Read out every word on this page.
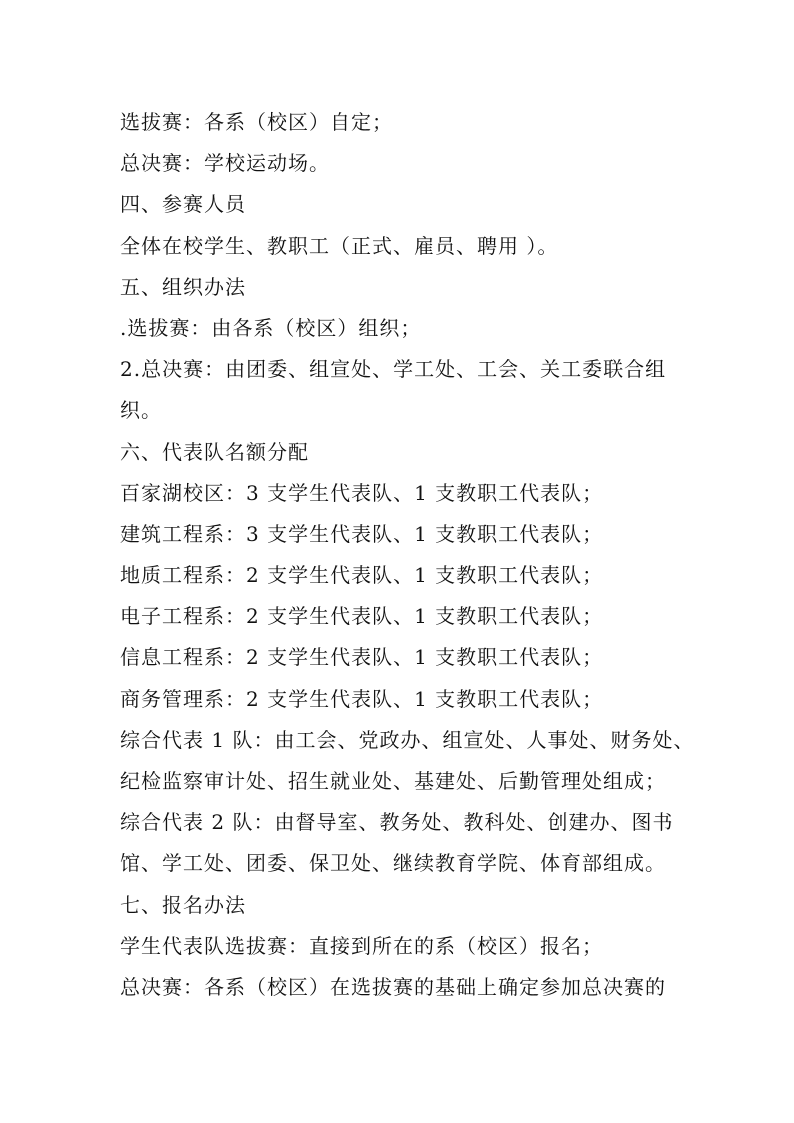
选拔赛：各系（校区）自定；
总决赛：学校运动场。
四、参赛人员
全体在校学生、教职工（正式、雇员、聘用 ）。
五、组织办法
.选拔赛：由各系（校区）组织；
2.总决赛：由团委、组宣处、学工处、工会、关工委联合组
织。
六、代表队名额分配
百家湖校区：3 支学生代表队、1 支教职工代表队；
建筑工程系：3 支学生代表队、1 支教职工代表队；
地质工程系：2 支学生代表队、1 支教职工代表队；
电子工程系：2 支学生代表队、1 支教职工代表队；
信息工程系：2 支学生代表队、1 支教职工代表队；
商务管理系：2 支学生代表队、1 支教职工代表队；
综合代表 1 队：由工会、党政办、组宣处、人事处、财务处、
纪检监察审计处、招生就业处、基建处、后勤管理处组成；
综合代表 2 队：由督导室、教务处、教科处、创建办、图书
馆、学工处、团委、保卫处、继续教育学院、体育部组成。
七、报名办法
学生代表队选拔赛：直接到所在的系（校区）报名；
总决赛：各系（校区）在选拔赛的基础上确定参加总决赛的
